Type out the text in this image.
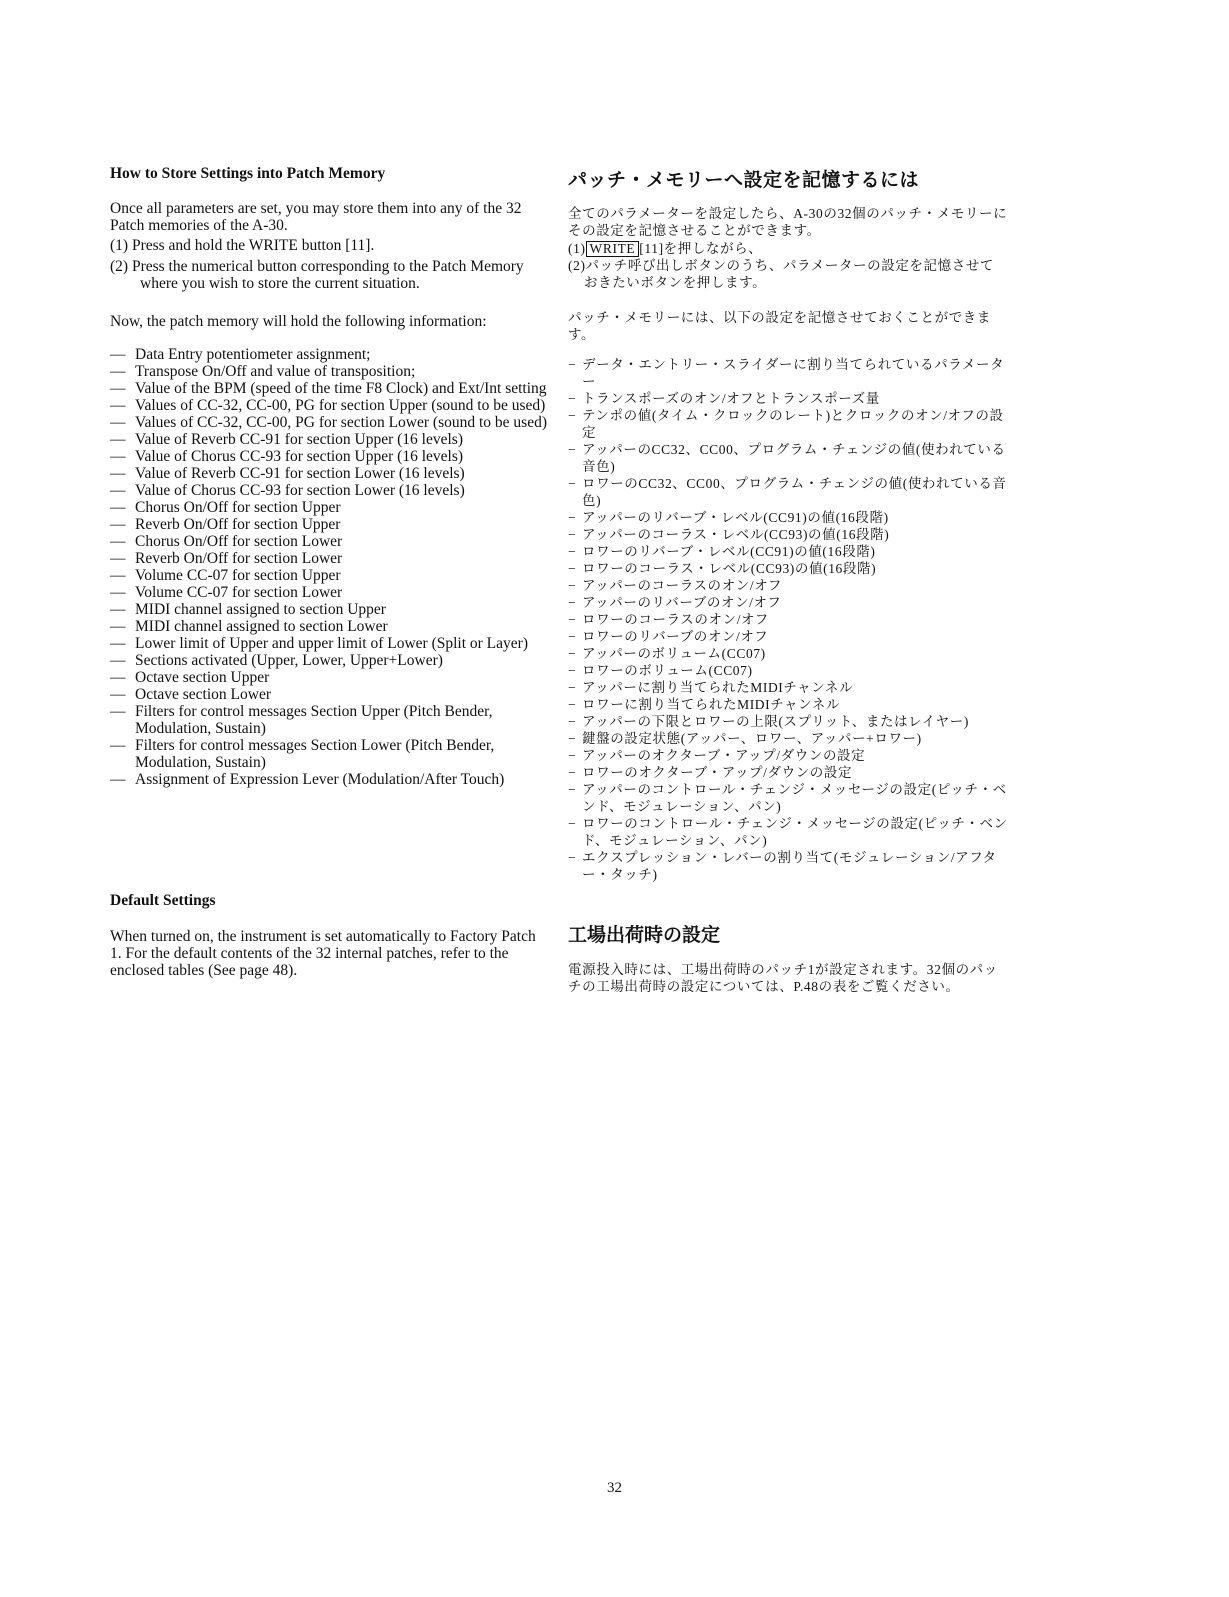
How to Store Settings into Patch Memory

Once all parameters are set, you may store them into any of the 32 Patch memories of the A-30.

(1) Press and hold the WRITE button [11].
(2) Press the numerical button corresponding to the Patch Memory where you wish to store the current situation.

Now, the patch memory will hold the following information:

— Data Entry potentiometer assignment;
— Transpose On/Off and value of transposition;
— Value of the BPM (speed of the time F8 Clock) and Ext/Int setting
— Values of CC-32, CC-00, PG for section Upper (sound to be used)
— Values of CC-32, CC-00, PG for section Lower (sound to be used)
— Value of Reverb CC-91 for section Upper (16 levels)
— Value of Chorus CC-93 for section Upper (16 levels)
— Value of Reverb CC-91 for section Lower (16 levels)
— Value of Chorus CC-93 for section Lower (16 levels)
— Chorus On/Off for section Upper
— Reverb On/Off for section Upper
— Chorus On/Off for section Lower
— Reverb On/Off for section Lower
— Volume CC-07 for section Upper
— Volume CC-07 for section Lower
— MIDI channel assigned to section Upper
— MIDI channel assigned to section Lower
— Lower limit of Upper and upper limit of Lower (Split or Layer)
— Sections activated (Upper, Lower, Upper+Lower)
— Octave section Upper
— Octave section Lower
— Filters for control messages Section Upper (Pitch Bender, Modulation, Sustain)
— Filters for control messages Section Lower (Pitch Bender, Modulation, Sustain)
— Assignment of Expression Lever (Modulation/After Touch)
Default Settings

When turned on, the instrument is set automatically to Factory Patch 1. For the default contents of the 32 internal patches, refer to the enclosed tables (See page 48).

パッチ・メモリーへ設定を記憶するには

全てのパラメーターを設定したら、A-30の32個のパッチ・メモリーにその設定を記憶させることができます。

(1) WRITE [11]を押しながら、
(2)パッチ呼び出しボタンのうち、パラメーターの設定を記憶させておきたいボタンを押します。

パッチ・メモリーには、以下の設定を記憶させておくことができます。

− データ・エントリー・スライダーに割り当てられているパラメーター
− トランスポーズのオン/オフとトランスポーズ量
− テンポの値(タイム・クロックのレート)とクロックのオン/オフの設定
− アッパーのCC32、CC00、プログラム・チェンジの値(使われている音色)
− ロワーのCC32、CC00、プログラム・チェンジの値(使われている音色)
− アッパーのリバーブ・レベル(CC91)の値(16段階)
− アッパーのコーラス・レベル(CC93)の値(16段階)
− ロワーのリバーブ・レベル(CC91)の値(16段階)
− ロワーのコーラス・レベル(CC93)の値(16段階)
− アッパーのコーラスのオン/オフ
− アッパーのリバーブのオン/オフ
− ロワーのコーラスのオン/オフ
− ロワーのリバーブのオン/オフ
− アッパーのボリューム(CC07)
− ロワーのボリューム(CC07)
− アッパーに割り当てられたMIDIチャンネル
− ロワーに割り当てられたMIDIチャンネル
− アッパーの下限とロワーの上限(スプリット、またはレイヤー)
− 鍵盤の設定状態(アッパー、ロワー、アッパー+ロワー)
− アッパーのオクターブ・アップ/ダウンの設定
− ロワーのオクターブ・アップ/ダウンの設定
− アッパーのコントロール・チェンジ・メッセージの設定(ピッチ・ベンド、モジュレーション、パン)
− ロワーのコントロール・チェンジ・メッセージの設定(ピッチ・ベンド、モジュレーション、パン)
− エクスプレッション・レバーの割り当て(モジュレーション/アフター・タッチ)
工場出荷時の設定

電源投入時には、工場出荷時のパッチ1が設定されます。32個のパッチの工場出荷時の設定については、P.48の表をご覧ください。

32
